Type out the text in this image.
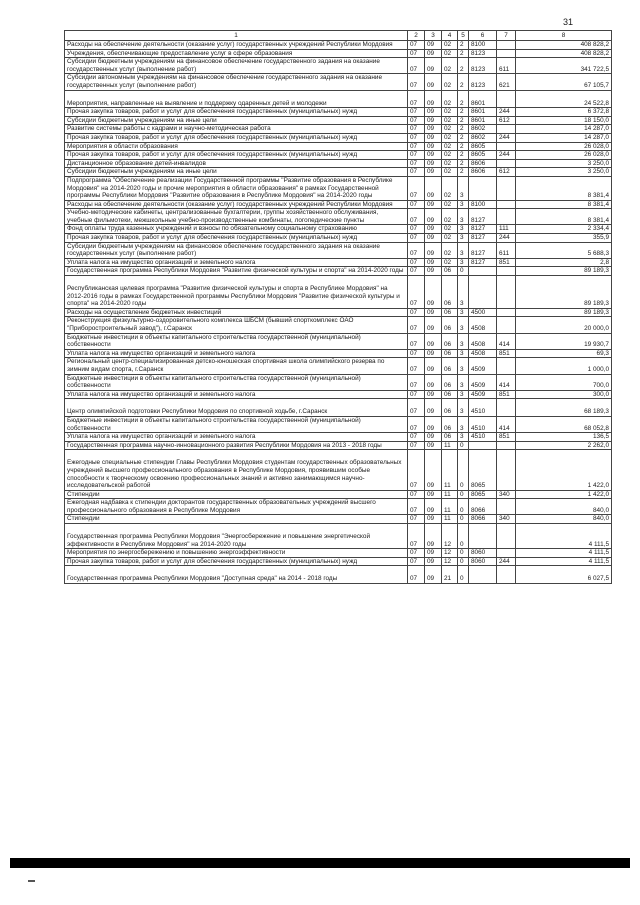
31
1	2	3	4	5	6	7	8
Расходы на обеспечение деятельности (оказание услуг) государственных учреждений Республики Мордовия	07	09	02	2	8100		408 828,2
Учреждения, обеспечивающие предоставление услуг в сфере образования	07	09	02	2	8123		408 828,2
Субсидии бюджетным учреждениям на финансовое обеспечение государственного задания на оказание государственных услуг (выполнение работ)	07	09	02	2	8123	611	341 722,5
Субсидии автономным учреждениям на финансовое обеспечение государственного задания на оказание государственных услуг (выполнение работ)	07	09	02	2	8123	621	67 105,7
Мероприятия, направленные на выявление и поддержку одаренных детей и молодежи	07	09	02	2	8601		24 522,8
Прочая закупка товаров, работ и услуг для обеспечения государственных (муниципальных) нужд	07	09	02	2	8601	244	6 372,8
Субсидии бюджетным учреждениям на иные цели	07	09	02	2	8601	612	18 150,0
Развитие системы работы с кадрами и научно-методическая работа	07	09	02	2	8602		14 287,0
Прочая закупка товаров, работ и услуг для обеспечения государственных (муниципальных) нужд	07	09	02	2	8602	244	14 287,0
Мероприятия в области образования	07	09	02	2	8605		26 028,0
Прочая закупка товаров, работ и услуг для обеспечения государственных (муниципальных) нужд	07	09	02	2	8605	244	26 028,0
Дистанционное образование детей-инвалидов	07	09	02	2	8606		3 250,0
Субсидии бюджетным учреждениям на иные цели	07	09	02	2	8606	612	3 250,0
Подпрограмма "Обеспечение реализации Государственной программы "Развитие образования в Республике Мордовия" на 2014-2020 годы и прочие мероприятия в области образования" в рамках Государственной программы Республики Мордовия "Развитие образования в Республике Мордовия" на 2014-2020 годы	07	09	02	3			8 381,4
Расходы на обеспечение деятельности (оказание услуг) государственных учреждений Республики Мордовия	07	09	02	3	8100		8 381,4
Учебно-методические кабинеты, централизованные бухгалтерии, группы хозяйственного обслуживания, учебные фильмотеки, межшкольные учебно-производственные комбинаты, логопедические пункты	07	09	02	3	8127		8 381,4
Фонд оплаты труда казенных учреждений и взносы по обязательному социальному страхованию	07	09	02	3	8127	111	2 334,4
Прочая закупка товаров, работ и услуг для обеспечения государственных (муниципальных) нужд	07	09	02	3	8127	244	355,9
Субсидии бюджетным учреждениям на финансовое обеспечение государственного задания на оказание государственных услуг (выполнение работ)	07	09	02	3	8127	611	5 688,3
Уплата налога на имущество организаций и земельного налога	07	09	02	3	8127	851	2,8
Государственная программа Республики Мордовия "Развитие физической культуры и спорта" на 2014-2020 годы	07	09	06	0			89 189,3
Республиканская целевая программа "Развитие физической культуры и спорта в Республике Мордовия" на 2012-2016 годы в рамках Государственной программы Республики Мордовия "Развитие физической культуры и спорта" на 2014-2020 годы	07	09	06	3			89 189,3
Расходы на осуществление бюджетных инвестиций	07	09	06	3	4500		89 189,3
Реконструкция физкультурно-оздоровительного комплекса ШБСМ (бывший спорткомплекс ОАО "Приборостроительный завод"), г.Саранск	07	09	06	3	4508		20 000,0
Бюджетные инвестиции в объекты капитального строительства государственной (муниципальной) собственности	07	09	06	3	4508	414	19 930,7
Уплата налога на имущество организаций и земельного налога	07	09	06	3	4508	851	69,3
Региональный центр-специализированная детско-юношеская спортивная школа олимпийского резерва по зимним видам спорта, г.Саранск	07	09	06	3	4509		1 000,0
Бюджетные инвестиции в объекты капитального строительства государственной (муниципальной) собственности	07	09	06	3	4509	414	700,0
Уплата налога на имущество организаций и земельного налога	07	09	06	3	4509	851	300,0
Центр олимпийской подготовки Республики Мордовия по спортивной ходьбе, г.Саранск	07	09	06	3	4510		68 189,3
Бюджетные инвестиции в объекты капитального строительства государственной (муниципальной) собственности	07	09	06	3	4510	414	68 052,8
Уплата налога на имущество организаций и земельного налога	07	09	06	3	4510	851	136,5
Государственная программа научно-инновационного развития Республики Мордовия на 2013 - 2018 годы	07	09	11	0			2 262,0
Ежегодные специальные стипендии Главы Республики Мордовия студентам государственных образовательных учреждений высшего профессионального образования в Республике Мордовия, проявившим особые способности к творческому освоению профессиональных знаний и активно занимающимся научно-исследовательской работой	07	09	11	0	8065		1 422,0
Стипендии	07	09	11	0	8065	340	1 422,0
Ежегодная надбавка к стипендии докторантов государственных образовательных учреждений высшего профессионального образования в Республике Мордовия	07	09	11	0	8066		840,0
Стипендии	07	09	11	0	8066	340	840,0
Государственная программа Республики Мордовия "Энергосбережение и повышение энергетической эффективности в Республике Мордовия" на 2014-2020 годы	07	09	12	0			4 111,5
Мероприятия по энергосбережению и повышению энергоэффективности	07	09	12	0	8060		4 111,5
Прочая закупка товаров, работ и услуг для обеспечения государственных (муниципальных) нужд	07	09	12	0	8060	244	4 111,5
Государственная программа Республики Мордовия "Доступная среда" на 2014 - 2018 годы	07	09	21	0			6 027,5
